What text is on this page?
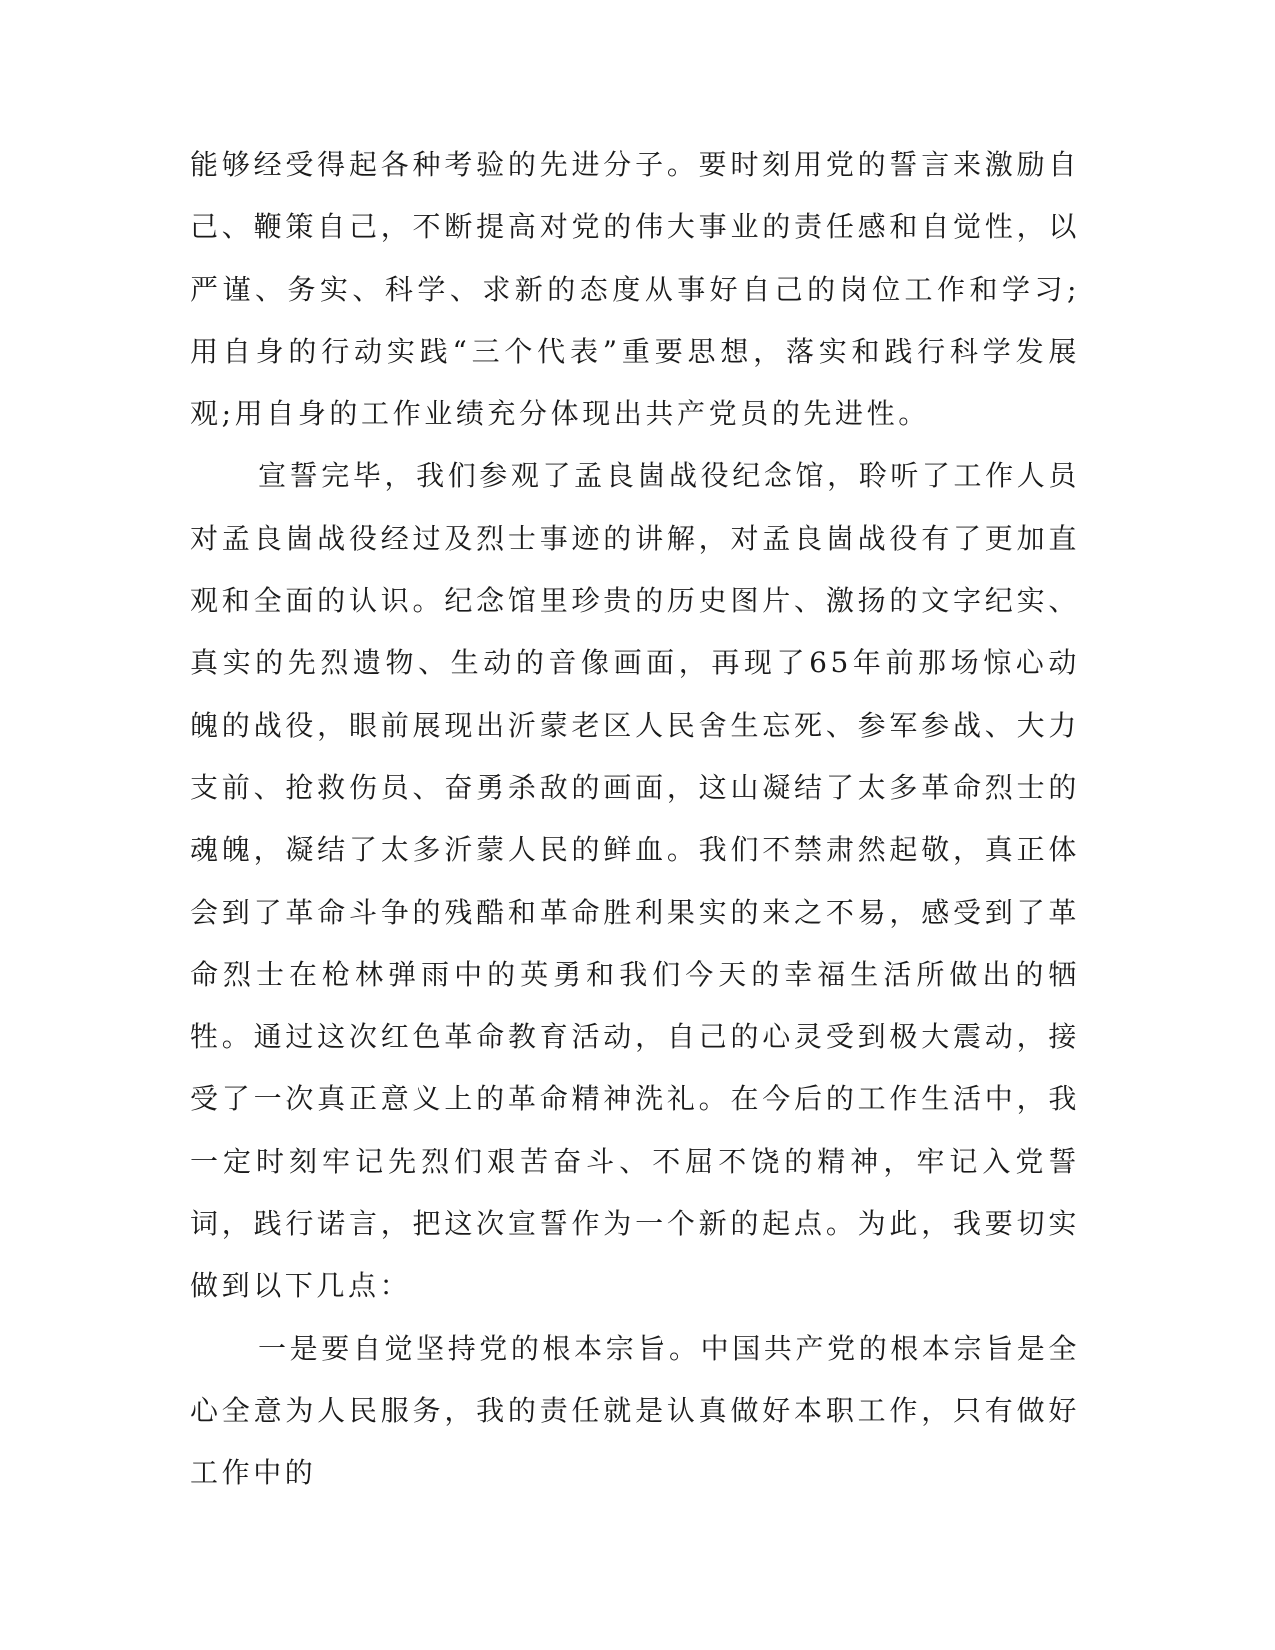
能够经受得起各种考验的先进分子。要时刻用党的誓言来激励自己、鞭策自己，不断提高对党的伟大事业的责任感和自觉性，以严谨、务实、科学、求新的态度从事好自己的岗位工作和学习;用自身的行动实践“三个代表”重要思想，落实和践行科学发展观;用自身的工作业绩充分体现出共产党员的先进性。

宣誓完毕，我们参观了孟良崮战役纪念馆，聆听了工作人员对孟良崮战役经过及烈士事迹的讲解，对孟良崮战役有了更加直观和全面的认识。纪念馆里珍贵的历史图片、激扬的文字纪实、真实的先烈遗物、生动的音像画面，再现了65年前那场惊心动魄的战役，眼前展现出沂蒙老区人民舍生忘死、参军参战、大力支前、抢救伤员、奋勇杀敌的画面，这山凝结了太多革命烈士的魂魄，凝结了太多沂蒙人民的鲜血。我们不禁肃然起敬，真正体会到了革命斗争的残酷和革命胜利果实的来之不易，感受到了革命烈士在枪林弹雨中的英勇和我们今天的幸福生活所做出的牺牲。通过这次红色革命教育活动，自己的心灵受到极大震动，接受了一次真正意义上的革命精神洗礼。在今后的工作生活中，我一定时刻牢记先烈们艰苦奋斗、不屈不饶的精神，牢记入党誓词，践行诺言，把这次宣誓作为一个新的起点。为此，我要切实做到以下几点：

一是要自觉坚持党的根本宗旨。中国共产党的根本宗旨是全心全意为人民服务，我的责任就是认真做好本职工作，只有做好工作中的
